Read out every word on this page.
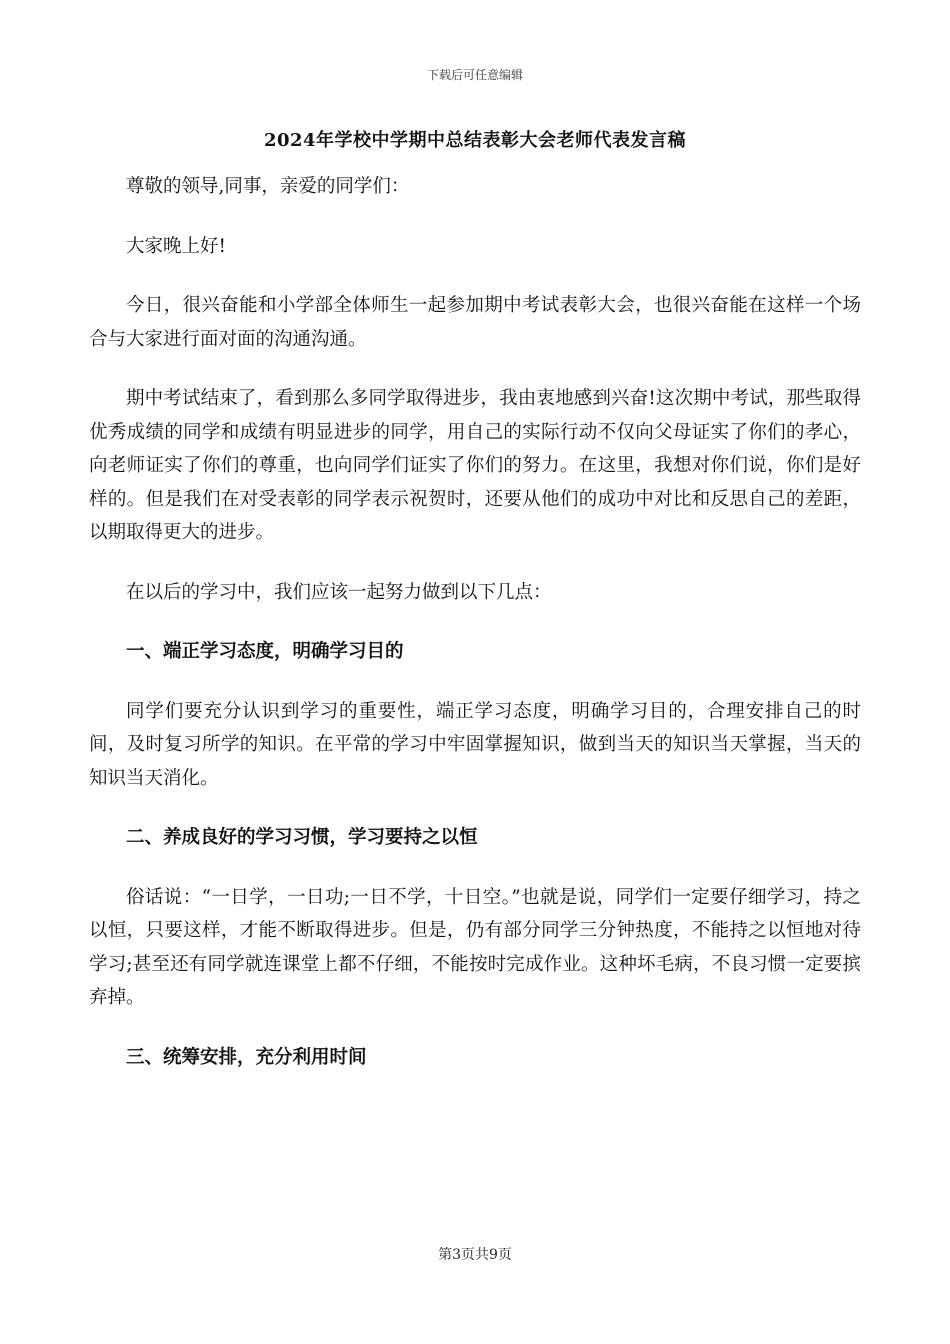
下载后可任意编辑
2024年学校中学期中总结表彰大会老师代表发言稿

尊敬的领导,同事，亲爱的同学们：

大家晚上好!

今日，很兴奋能和小学部全体师生一起参加期中考试表彰大会，也很兴奋能在这样一个场合与大家进行面对面的沟通沟通。

期中考试结束了，看到那么多同学取得进步，我由衷地感到兴奋!这次期中考试，那些取得优秀成绩的同学和成绩有明显进步的同学，用自己的实际行动不仅向父母证实了你们的孝心， 向老师证实了你们的尊重，也向同学们证实了你们的努力。在这里，我想对你们说，你们是好样的。但是我们在对受表彰的同学表示祝贺时，还要从他们的成功中对比和反思自己的差距，以期取得更大的进步。

在以后的学习中，我们应该一起努力做到以下几点：

一、端正学习态度，明确学习目的

同学们要充分认识到学习的重要性，端正学习态度，明确学习目的，合理安排自己的时间，及时复习所学的知识。在平常的学习中牢固掌握知识，做到当天的知识当天掌握，当天的知识当天消化。

二、养成良好的学习习惯，学习要持之以恒

俗话说：“一日学，一日功;一日不学，十日空。”也就是说，同学们一定要仔细学习，持之以恒，只要这样，才能不断取得进步。但是，仍有部分同学三分钟热度，不能持之以恒地对待学习;甚至还有同学就连课堂上都不仔细，不能按时完成作业。这种坏毛病，不良习惯一定要摈弃掉。

三、统筹安排，充分利用时间
第3页共9页
